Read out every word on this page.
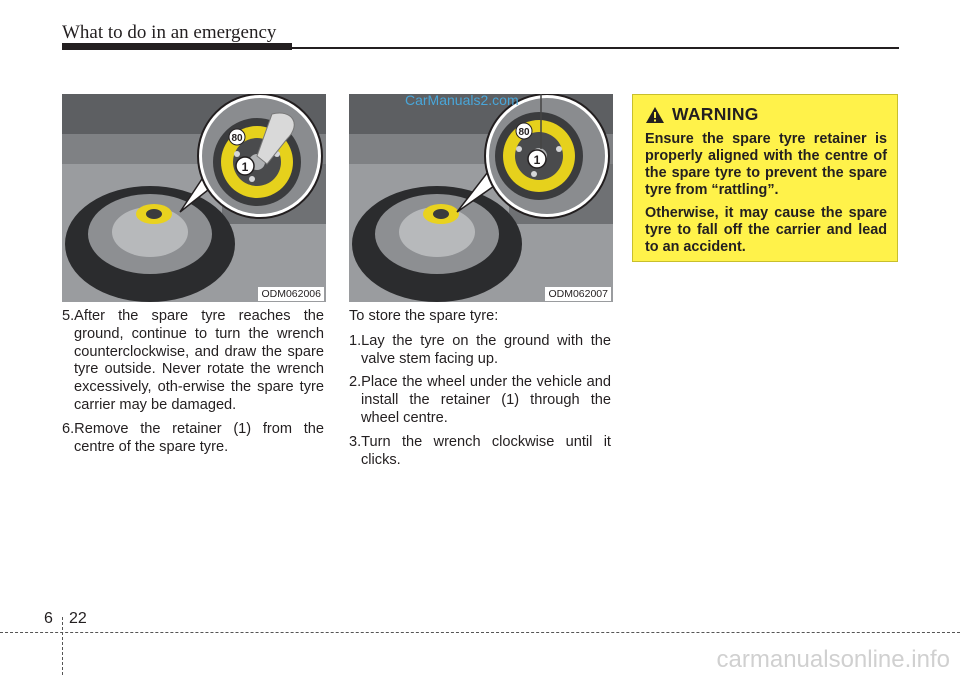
What to do in an emergency
80
1
ODM062006
80
1
ODM062007
CarManuals2.com

5.After the spare tyre reaches the ground, continue to turn the wrench counterclockwise, and draw the spare tyre outside. Never rotate the wrench excessively, oth-erwise the spare tyre carrier may be damaged.

6.Remove the retainer (1) from the centre of the spare tyre.

To store the spare tyre:

1.Lay the tyre on the ground with the valve stem facing up.

2.Place the wheel under the vehicle and install the retainer (1) through the wheel centre.

3.Turn the wrench clockwise until it clicks.

WARNING

Ensure the spare tyre retainer is properly aligned with the centre of the spare tyre to prevent the spare tyre from “rattling”.

Otherwise, it may cause the spare tyre to fall off the carrier and lead to an accident.

6 22
carmanualsonline.info
